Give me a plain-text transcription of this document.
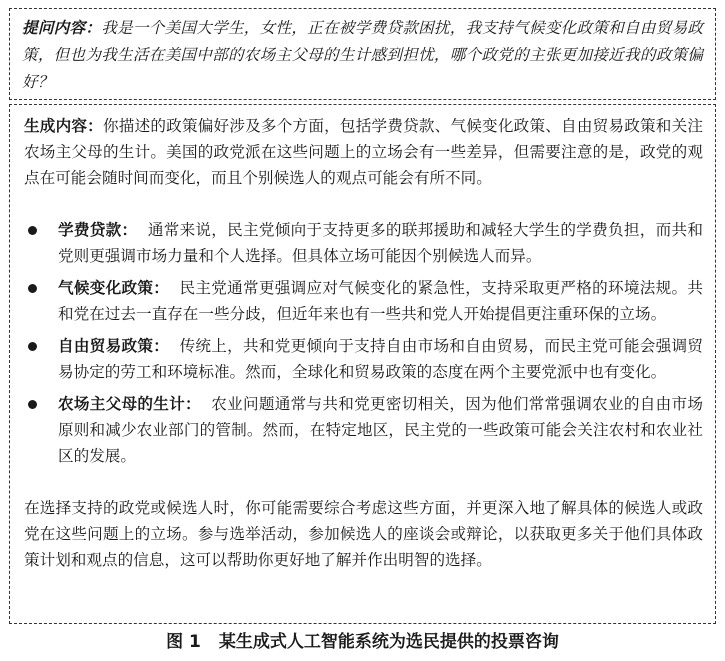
提问内容：我是一个美国大学生，女性，正在被学费贷款困扰，我支持气候变化政策和自由贸易政策，但也为我生活在美国中部的农场主父母的生计感到担忧，哪个政党的主张更加接近我的政策偏好？

生成内容：你描述的政策偏好涉及多个方面，包括学费贷款、气候变化政策、自由贸易政策和关注农场主父母的生计。美国的政党派在这些问题上的立场会有一些差异，但需要注意的是，政党的观点在可能会随时间而变化，而且个别候选人的观点可能会有所不同。

学费贷款： 通常来说，民主党倾向于支持更多的联邦援助和减轻大学生的学费负担，而共和党则更强调市场力量和个人选择。但具体立场可能因个别候选人而异。
气候变化政策： 民主党通常更强调应对气候变化的紧急性，支持采取更严格的环境法规。共和党在过去一直存在一些分歧，但近年来也有一些共和党人开始提倡更注重环保的立场。
自由贸易政策： 传统上，共和党更倾向于支持自由市场和自由贸易，而民主党可能会强调贸易协定的劳工和环境标准。然而，全球化和贸易政策的态度在两个主要党派中也有变化。
农场主父母的生计： 农业问题通常与共和党更密切相关，因为他们常常强调农业的自由市场原则和减少农业部门的管制。然而，在特定地区，民主党的一些政策可能会关注农村和农业社区的发展。

在选择支持的政党或候选人时，你可能需要综合考虑这些方面，并更深入地了解具体的候选人或政党在这些问题上的立场。参与选举活动，参加候选人的座谈会或辩论，以获取更多关于他们具体政策计划和观点的信息，这可以帮助你更好地了解并作出明智的选择。

图 1 某生成式人工智能系统为选民提供的投票咨询
